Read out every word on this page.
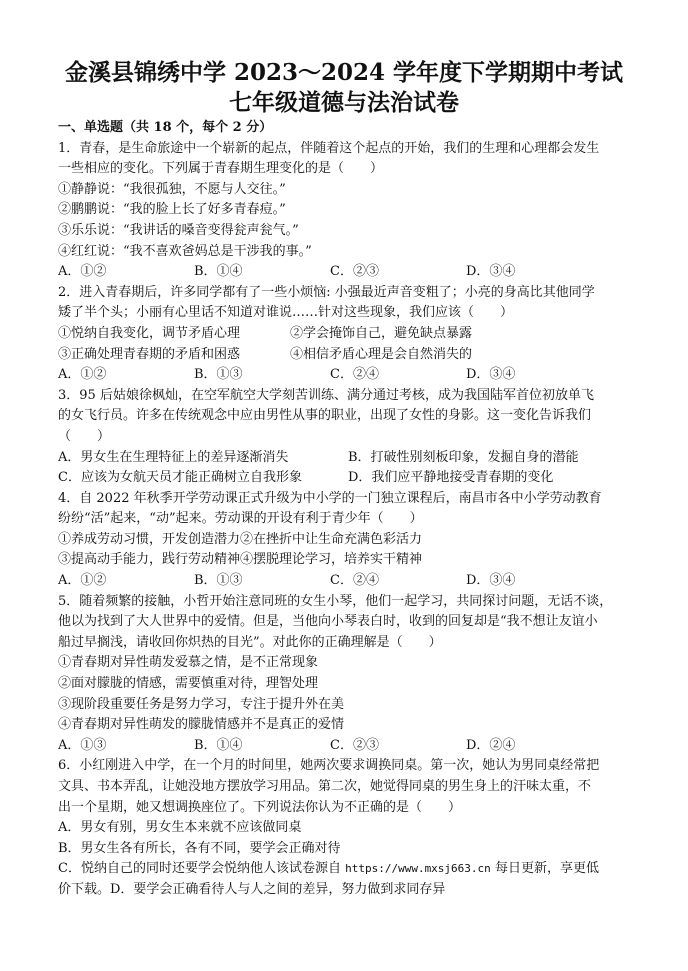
金溪县锦绣中学 2023～2024 学年度下学期期中考试
七年级道德与法治试卷
一、单选题（共 18 个，每个 2 分）
1．青春，是生命旅途中一个崭新的起点，伴随着这个起点的开始，我们的生理和心理都会发生
一些相应的变化。下列属于青春期生理变化的是（　　）
①静静说：“我很孤独，不愿与人交往。”
②鹏鹏说：“我的脸上长了好多青春痘。”
③乐乐说：“我讲话的嗓音变得瓮声瓮气。”
④红红说：“我不喜欢爸妈总是干涉我的事。”
A．①②	B．①④	C．②③	D．③④
2．进入青春期后，许多同学都有了一些小烦恼: 小强最近声音变粗了；小亮的身高比其他同学
矮了半个头；小丽有心里话不知道对谁说……针对这些现象，我们应该（　　）
①悦纳自我变化，调节矛盾心理	②学会掩饰自己，避免缺点暴露
③正确处理青春期的矛盾和困惑	④相信矛盾心理是会自然消失的
A．①②	B．①③	C．②④	D．③④
3．95 后姑娘徐枫灿，在空军航空大学刻苦训练、满分通过考核，成为我国陆军首位初放单飞
的女飞行员。许多在传统观念中应由男性从事的职业，出现了女性的身影。这一变化告诉我们
（　　）
A．男女生在生理特征上的差异逐渐消失	B．打破性别刻板印象，发掘自身的潜能
C．应该为女航天员才能正确树立自我形象	D．我们应平静地接受青春期的变化
4．自 2022 年秋季开学劳动课正式升级为中小学的一门独立课程后，南昌市各中小学劳动教育
纷纷“活”起来，“动”起来。劳动课的开设有利于青少年（　　）
①养成劳动习惯，开发创造潜力②在挫折中让生命充满色彩活力
③提高动手能力，践行劳动精神④摆脱理论学习，培养实干精神
A．①②	B．①③	C．②④	D．③④
5．随着频繁的接触，小哲开始注意同班的女生小琴，他们一起学习，共同探讨问题，无话不谈，
他以为找到了大人世界中的爱情。但是，当他向小琴表白时，收到的回复却是“我不想让友谊小
船过早搁浅，请收回你炽热的目光”。对此你的正确理解是（　　）
①青春期对异性萌发爱慕之情，是不正常现象
②面对朦胧的情感，需要慎重对待，理智处理
③现阶段重要任务是努力学习，专注于提升外在美
④青春期对异性萌发的朦胧情感并不是真正的爱情
A．①③	B．①④	C．②③	D．②④
6．小红刚进入中学，在一个月的时间里，她两次要求调换同桌。第一次，她认为男同桌经常把
文具、书本弄乱，让她没地方摆放学习用品。第二次，她觉得同桌的男生身上的汗味太重，不
出一个星期，她又想调换座位了。下列说法你认为不正确的是（　　）
A．男女有别，男女生本来就不应该做同桌
B．男女生各有所长，各有不同，要学会正确对待
C．悦纳自己的同时还要学会悦纳他人该试卷源自 https://www.mxsj663.cn 每日更新，享更低
价下载。D．要学会正确看待人与人之间的差异，努力做到求同存异
